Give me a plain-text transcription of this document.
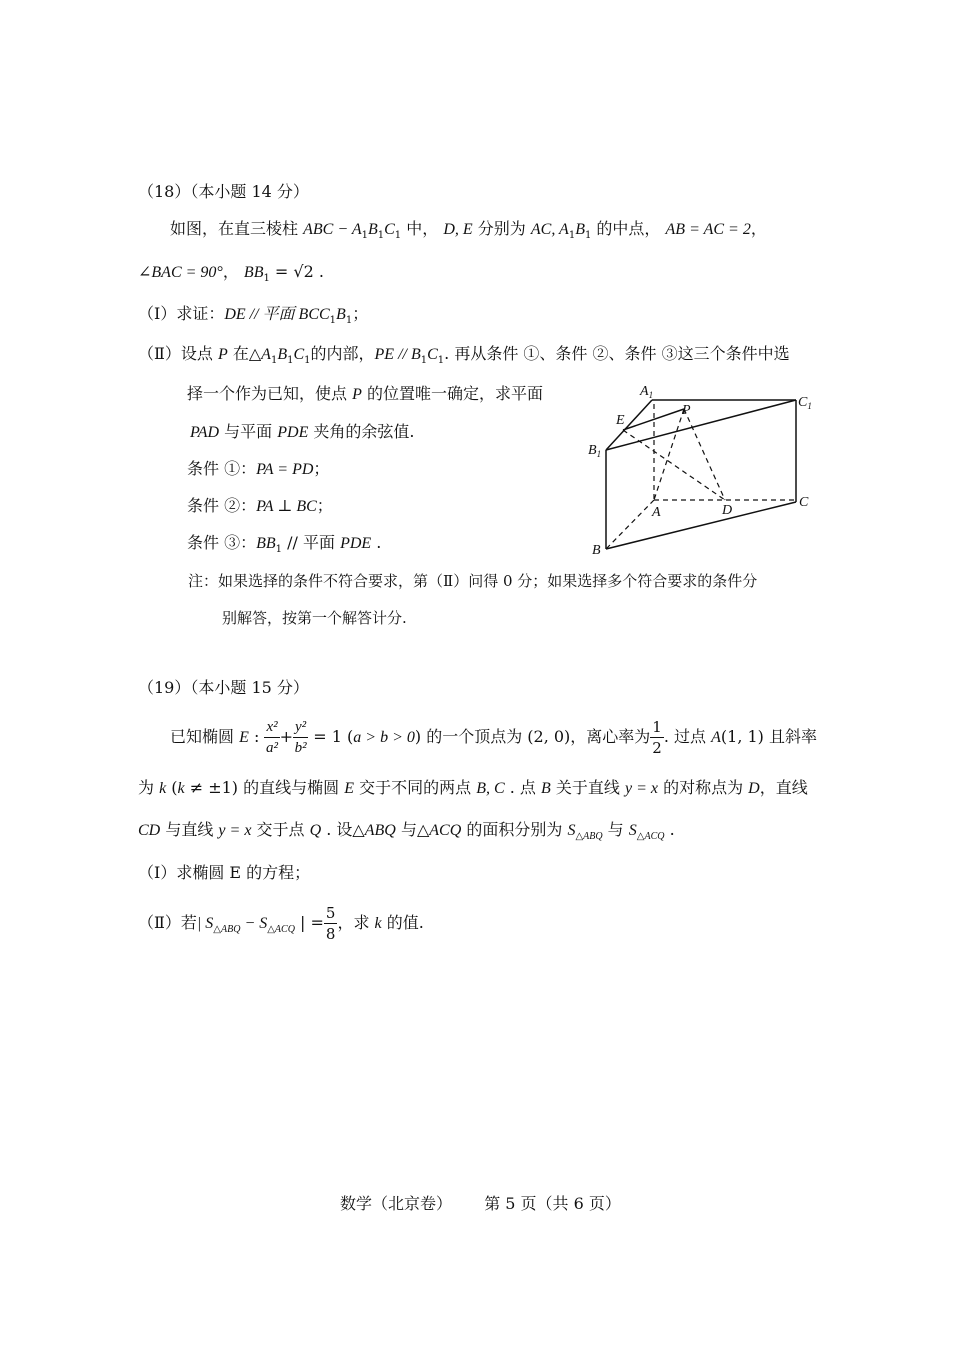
（18）（本小题 14 分）
如图，在直三棱柱 ABC − $A_1B_1C_1$ 中， D, E 分别为 AC, $A_1B_1$ 的中点， AB = AC = 2，
∠BAC = 90°， $BB_1 = √2$ .
（Ⅰ）求证：DE // 平面 $BCC_1B_1$；
（Ⅱ）设点 P 在$\triangle A_1B_1C_1$的内部，PE // $B_1C_1$. 再从条件 ①、条件 ②、条件 ③这三个条件中选
择一个作为已知，使点 P 的位置唯一确定，求平面
PAD 与平面 PDE 夹角的余弦值.
条件 ①：PA = PD；
条件 ②：PA ⊥ BC；
条件 ③：$BB_1$ // 平面 PDE .
注：如果选择的条件不符合要求，第（Ⅱ）问得 0 分；如果选择多个符合要求的条件分
别解答，按第一个解答计分.
$A_1$
P
$C_1$
E
$B_1$
A	D
C
B
（19）（本小题 15 分）
已知椭圆 E : $\frac{\text{x²}}{\text{a²}} + \frac{\text{y²}}{\text{b²}} = 1$ (a > b > 0) 的一个顶点为 (2, 0)，离心率为 $\frac{1}{2}$ . 过点 A(1, 1) 且斜率
为 k (k ≠ ±1) 的直线与椭圆 E 交于不同的两点 B, C . 点 B 关于直线 y = x 的对称点为 D，直线
CD 与直线 y = x 交于点 Q . 设△ABQ 与△ACQ 的面积分别为 $S_{\triangle ABQ}$ 与 $S_{\triangle ACQ}$ .
（Ⅰ）求椭圆 E 的方程；
（Ⅱ）若| $S_{\triangle ABQ} - S_{\triangle ACQ}$ | = $\frac{5}{8}$ ，求 k 的值.
数学（北京卷） 第 5 页（共 6 页）
